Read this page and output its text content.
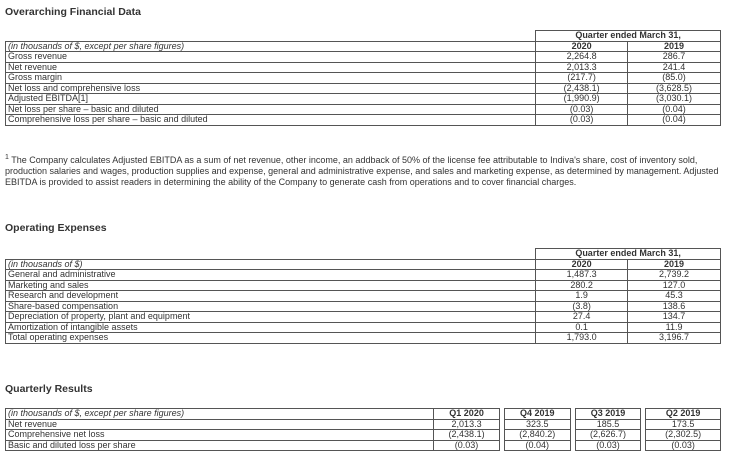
Overarching Financial Data
	Quarter ended March 31,	
(in thousands of $, except per share figures)	2020	2019
Gross revenue	2,264.8	286.7
Net revenue	2,013.3	241.4
Gross margin	(217.7)	(85.0)
Net loss and comprehensive loss	(2,438.1)	(3,628.5)
Adjusted EBITDA[1]	(1,990.9)	(3,030.1)
Net loss per share – basic and diluted	(0.03)	(0.04)
Comprehensive loss per share – basic and diluted	(0.03)	(0.04)
$^1$ The Company calculates Adjusted EBITDA as a sum of net revenue, other income, an addback of 50% of the license fee attributable to Indiva's share, cost of inventory sold, production salaries and wages, production supplies and expense, general and administrative expense, and sales and marketing expense, as determined by management. Adjusted EBITDA is provided to assist readers in determining the ability of the Company to generate cash from operations and to cover financial charges.
Operating Expenses
	Quarter ended March 31,	
(in thousands of $)	2020	2019
General and administrative	1,487.3	2,739.2
Marketing and sales	280.2	127.0
Research and development	1.9	45.3
Share-based compensation	(3.8)	138.6
Depreciation of property, plant and equipment	27.4	134.7
Amortization of intangible assets	0.1	11.9
Total operating expenses	1,793.0	3,196.7
Quarterly Results
(in thousands of $, except per share figures)	Q1 2020		Q4 2019		Q3 2019		Q2 2019
Net revenue	2,013.3		323.5		185.5		173.5
Comprehensive net loss	(2,438.1)		(2,840.2)		(2,626.7)		(2,302.5)
Basic and diluted loss per share	(0.03)		(0.04)		(0.03)		(0.03)
